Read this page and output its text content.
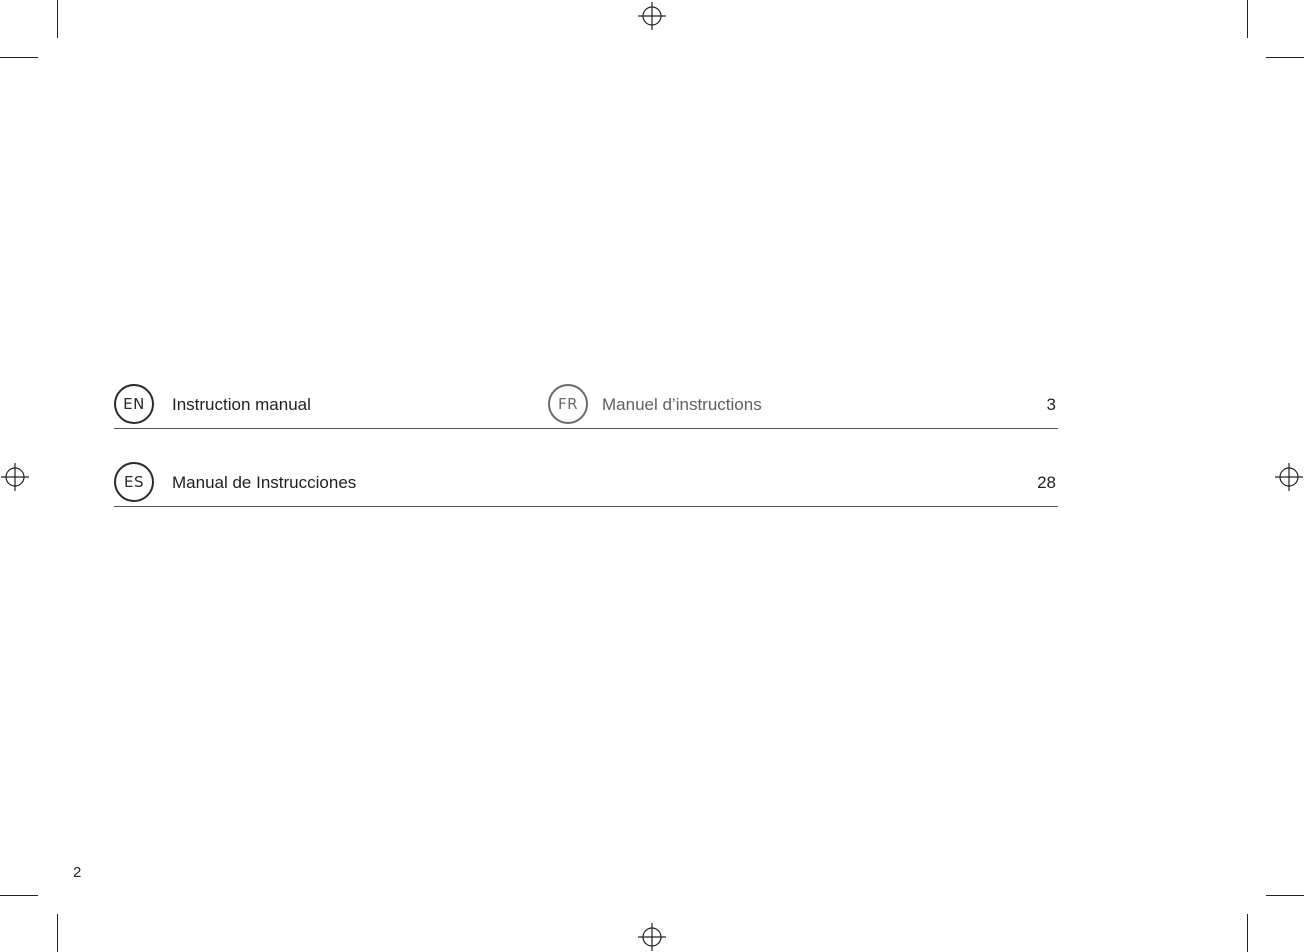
EN	Instruction manual	FR	Manuel d’instructions	3
ES	Manual de Instrucciones	28
2
